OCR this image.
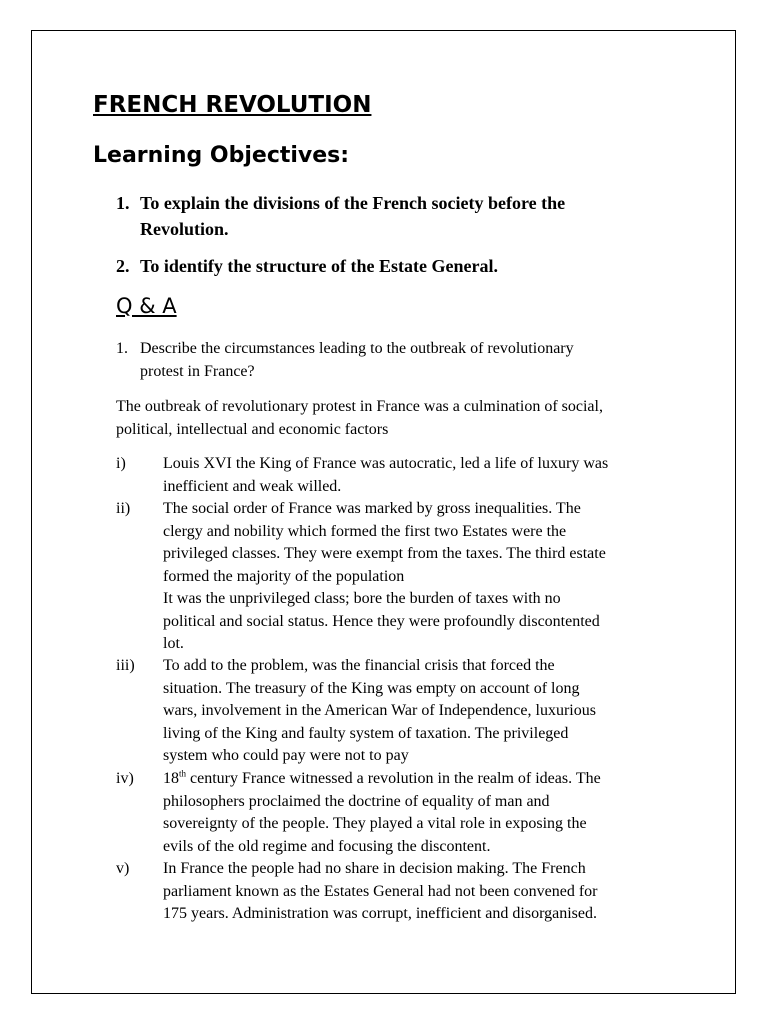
FRENCH REVOLUTION
Learning Objectives:
1. To explain the divisions of the French society before the
Revolution.
2. To identify the structure of the Estate General.
Q & A
1. Describe the circumstances leading to the outbreak of revolutionary
protest in France?
The outbreak of revolutionary protest in France was a culmination of social,
political, intellectual and economic factors
i) Louis XVI the King of France was autocratic, led a life of luxury was
inefficient and weak willed.
ii) The social order of France was marked by gross inequalities. The
clergy and nobility which formed the first two Estates were the
privileged classes. They were exempt from the taxes. The third estate
formed the majority of the population
It was the unprivileged class; bore the burden of taxes with no
political and social status. Hence they were profoundly discontented
lot.
iii) To add to the problem, was the financial crisis that forced the
situation. The treasury of the King was empty on account of long
wars, involvement in the American War of Independence, luxurious
living of the King and faulty system of taxation. The privileged
system who could pay were not to pay
iv) 18th century France witnessed a revolution in the realm of ideas. The
philosophers proclaimed the doctrine of equality of man and
sovereignty of the people. They played a vital role in exposing the
evils of the old regime and focusing the discontent.
v) In France the people had no share in decision making. The French
parliament known as the Estates General had not been convened for
175 years. Administration was corrupt, inefficient and disorganised.
